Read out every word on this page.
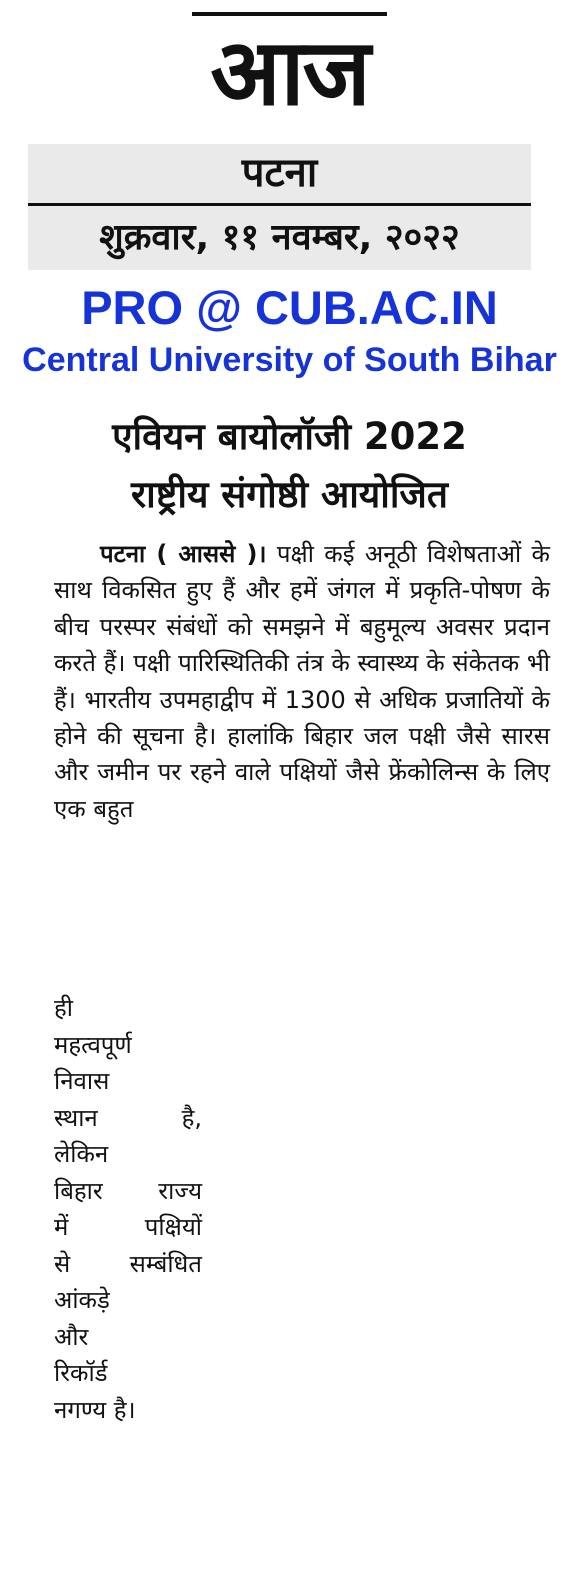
आज
पटना
शुक्रवार, ११ नवम्बर, २०२२
PRO @ CUB.AC.IN
Central University of South Bihar
एवियन बायोलॉजी 2022
राष्ट्रीय संगोष्ठी आयोजित
पटना ( आससे )। पक्षी कई अनूठी विशेषताओं के साथ विकसित हुए हैं और हमें जंगल में प्रकृति-पोषण के बीच परस्पर संबंधों को समझने में बहुमूल्य अवसर प्रदान करते हैं। पक्षी पारिस्थितिकी तंत्र के स्वास्थ्य के संकेतक भी हैं। भारतीय उपमहाद्वीप में 1300 से अधिक प्रजातियों के होने की सूचना है। हालांकि बिहार जल पक्षी जैसे सारस और जमीन पर रहने वाले पक्षियों जैसे फ्रेंकोलिन्स के लिए एक बहुत
ही
महत्वपूर्ण
निवास
स्थान है,
लेकिन
बिहार राज्य
में पक्षियों
से सम्बंधित
आंकड़े
और
रिकॉर्ड
नगण्य है।
